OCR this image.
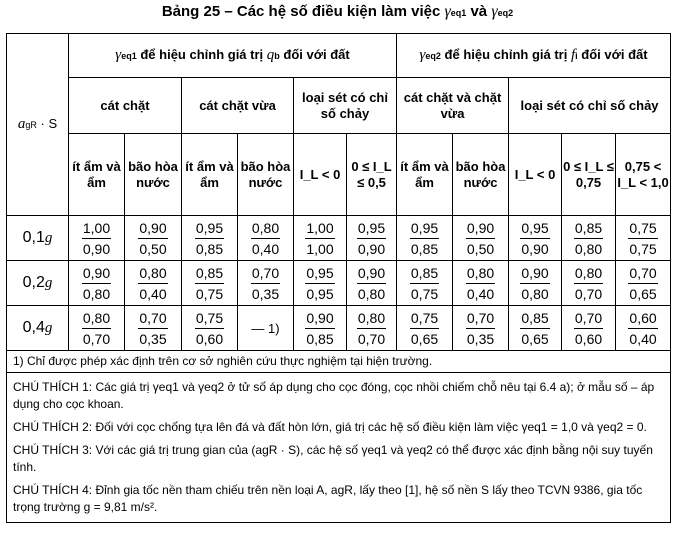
Bảng 25 – Các hệ số điều kiện làm việc γeq1 và γeq2
agR · S	γeq1 để hiệu chỉnh giá trị qb đối với đất						γeq2 để hiệu chỉnh giá trị fi đối với đất				
	cát chặt		cát chặt vừa		loại sét có chỉ số chảy		cát chặt và chặt vừa		loại sét có chỉ số chảy		
	ít ẩm và ẩm	bão hòa nước	ít ẩm và ẩm	bão hòa nước	I_L < 0	0 ≤ I_L ≤ 0,5	ít ẩm và ẩm	bão hòa nước	I_L < 0	0 ≤ I_L ≤ 0,75	0,75 < I_L < 1,0
0,1g	$\frac{1,00}{0,90}$	$\frac{0,90}{0,50}$	$\frac{0,95}{0,85}$	$\frac{0,80}{0,40}$	$\frac{1,00}{1,00}$	$\frac{0,95}{0,90}$	$\frac{0,95}{0,85}$	$\frac{0,90}{0,50}$	$\frac{0,95}{0,90}$	$\frac{0,85}{0,80}$	$\frac{0,75}{0,75}$

0,2g	$\frac{0,90}{0,80}$	$\frac{0,80}{0,40}$	$\frac{0,85}{0,75}$	$\frac{0,70}{0,35}$	$\frac{0,95}{0,95}$	$\frac{0,90}{0,80}$	$\frac{0,85}{0,75}$	$\frac{0,80}{0,40}$	$\frac{0,90}{0,80}$	$\frac{0,80}{0,70}$	$\frac{0,70}{0,65}$

0,4g	$\frac{0,80}{0,70}$	$\frac{0,70}{0,35}$	$\frac{0,75}{0,60}$	— 1)	$\frac{0,90}{0,85}$	$\frac{0,80}{0,70}$	$\frac{0,75}{0,65}$	$\frac{0,70}{0,35}$	$\frac{0,85}{0,65}$	$\frac{0,70}{0,60}$	$\frac{0,60}{0,40}$

1) Chỉ được phép xác định trên cơ sở nghiên cứu thực nghiệm tại hiện trường.											

CHÚ THÍCH 1: Các giá trị γeq1 và γeq2 ở tử số áp dụng cho cọc đóng, cọc nhồi chiếm chỗ nêu tại 6.4 a); ở mẫu số – áp dụng cho cọc khoan.
CHÚ THÍCH 2: Đối với cọc chống tựa lên đá và đất hòn lớn, giá trị các hệ số điều kiện làm việc γeq1 = 1,0 và γeq2 = 0.
CHÚ THÍCH 3: Với các giá trị trung gian của (agR · S), các hệ số γeq1 và γeq2 có thể được xác định bằng nội suy tuyến tính.
CHÚ THÍCH 4: Đỉnh gia tốc nền tham chiếu trên nền loại A, agR, lấy theo [1], hệ số nền S lấy theo TCVN 9386, gia tốc trọng trường g = 9,81 m/s².											
